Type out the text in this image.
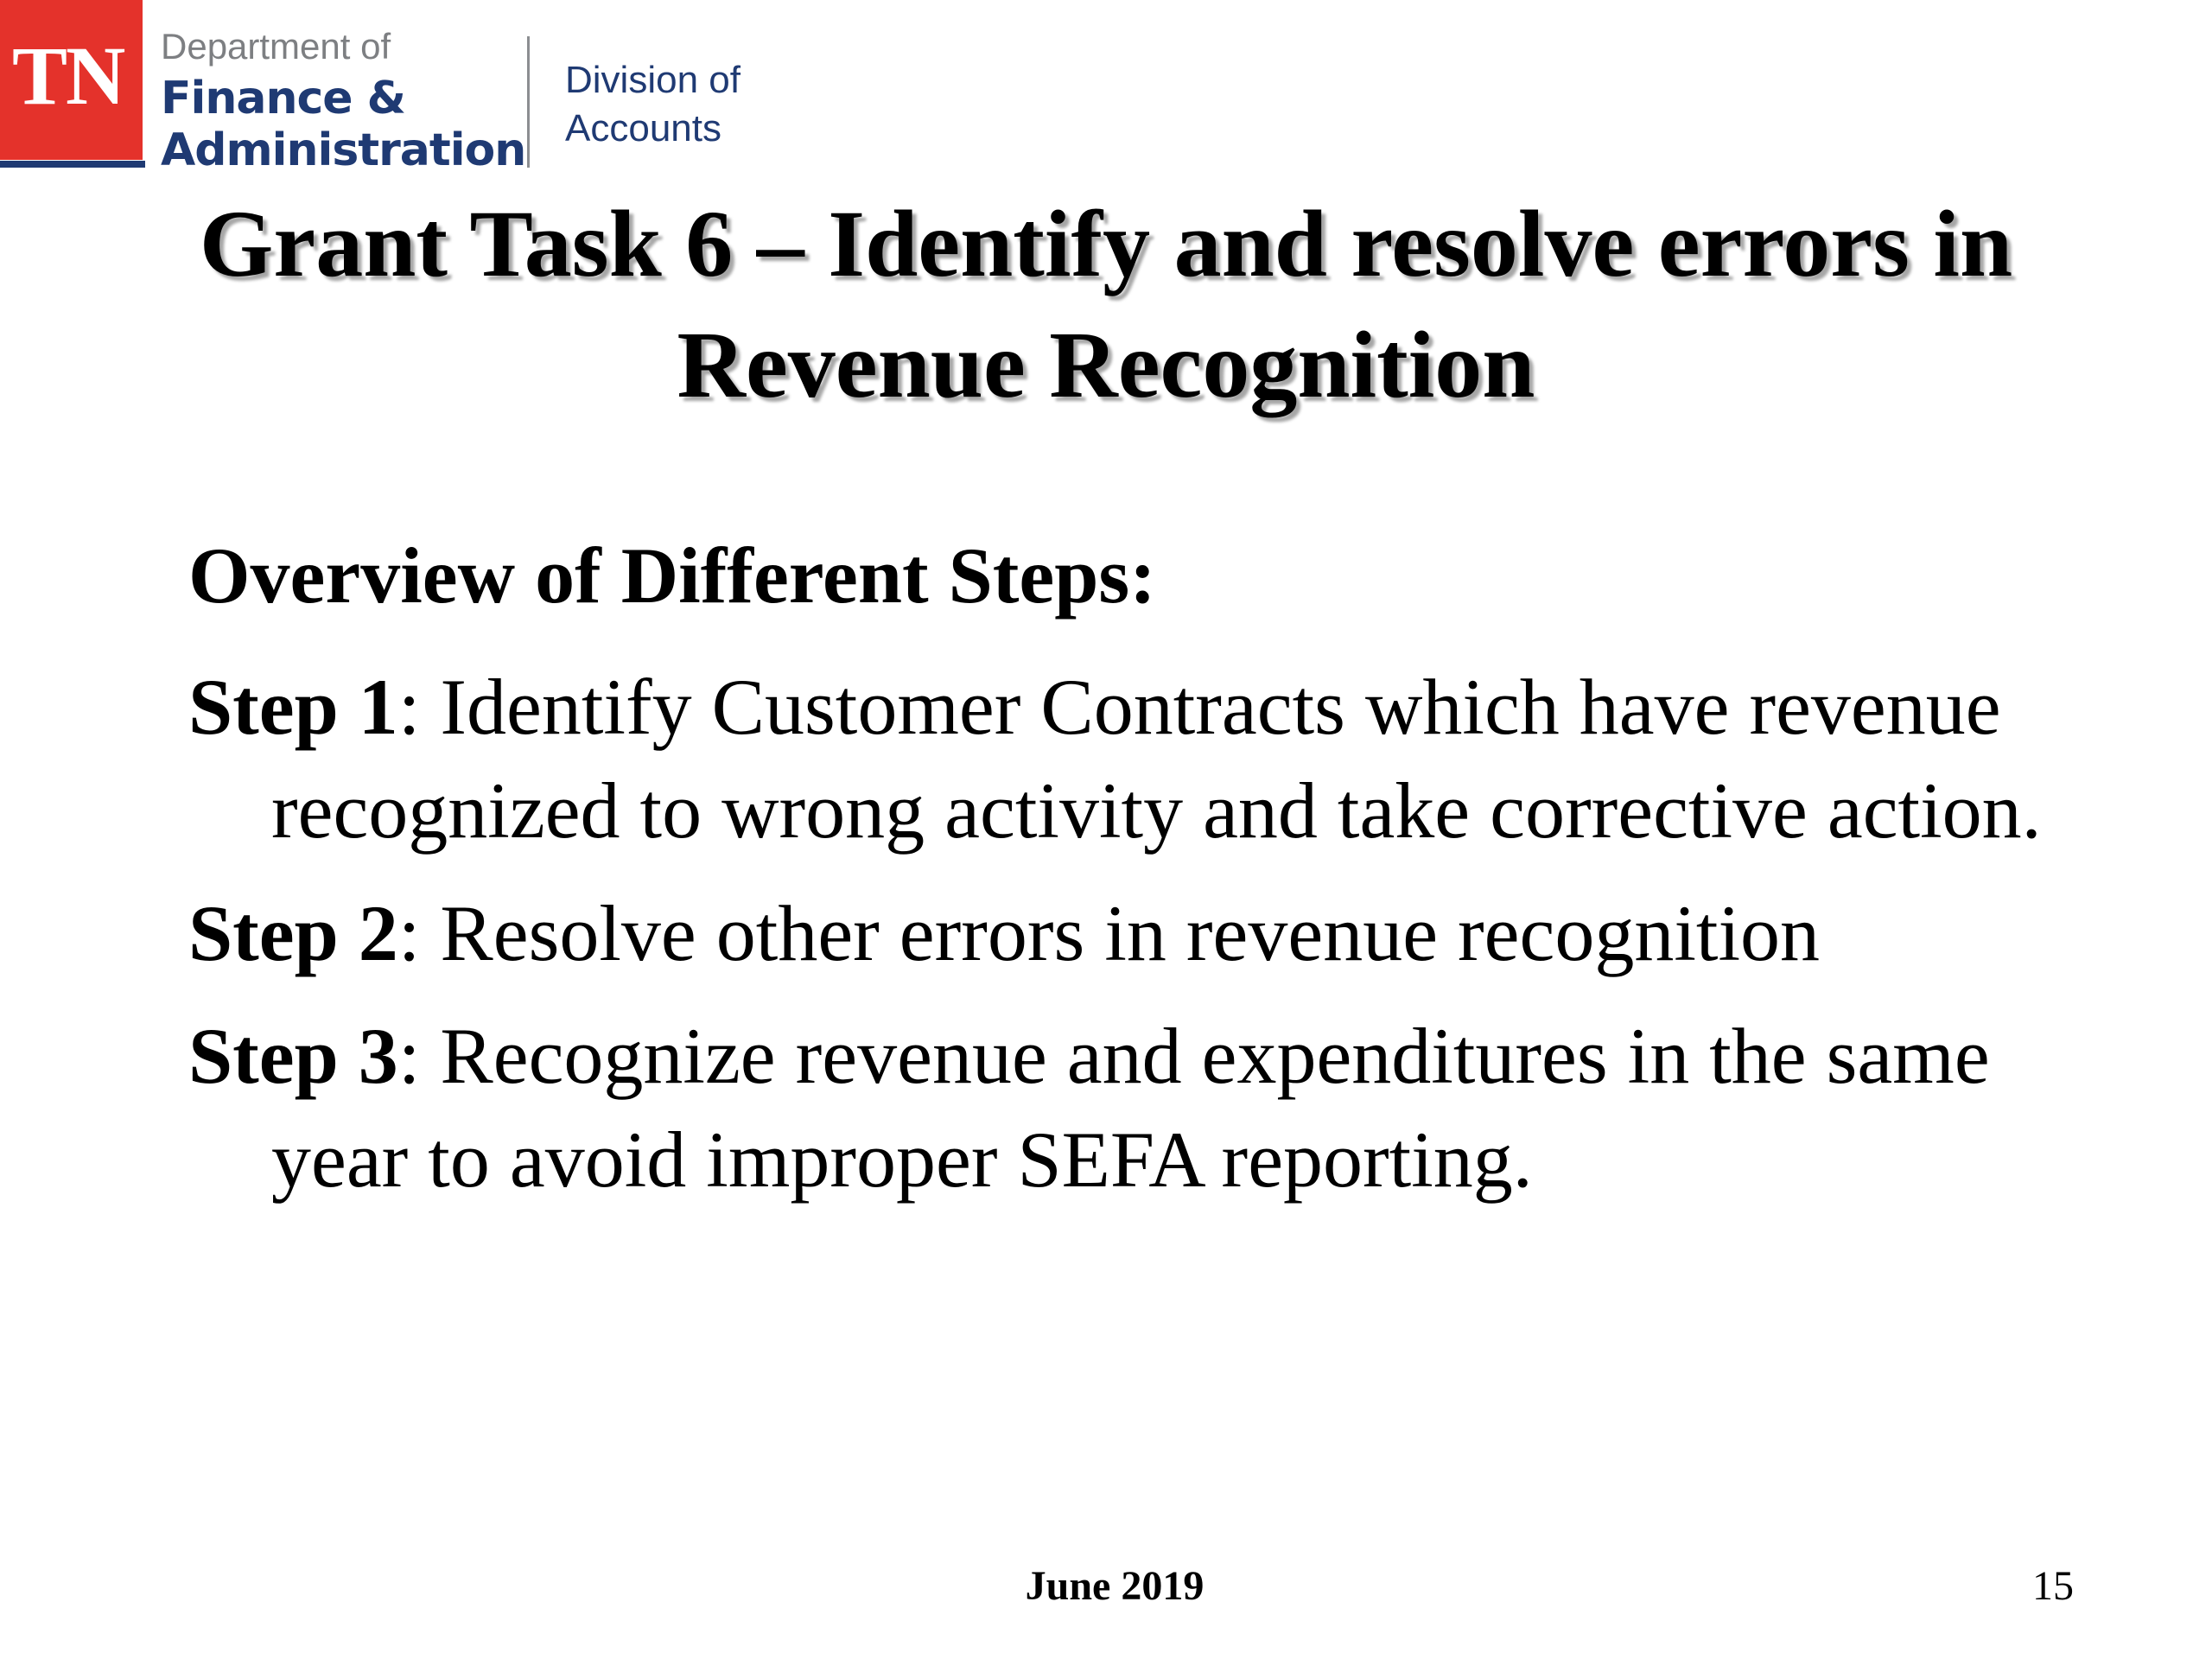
TN	Department of
Finance &
Administration
Division of
Accounts
Grant Task 6 – Identify and resolve errors in
Revenue Recognition
Overview of Different Steps:
Step 1: Identify Customer Contracts which have revenue recognized to wrong activity and take corrective action.
Step 2: Resolve other errors in revenue recognition
Step 3: Recognize revenue and expenditures in the same year to avoid improper SEFA reporting.
June 2019	15
